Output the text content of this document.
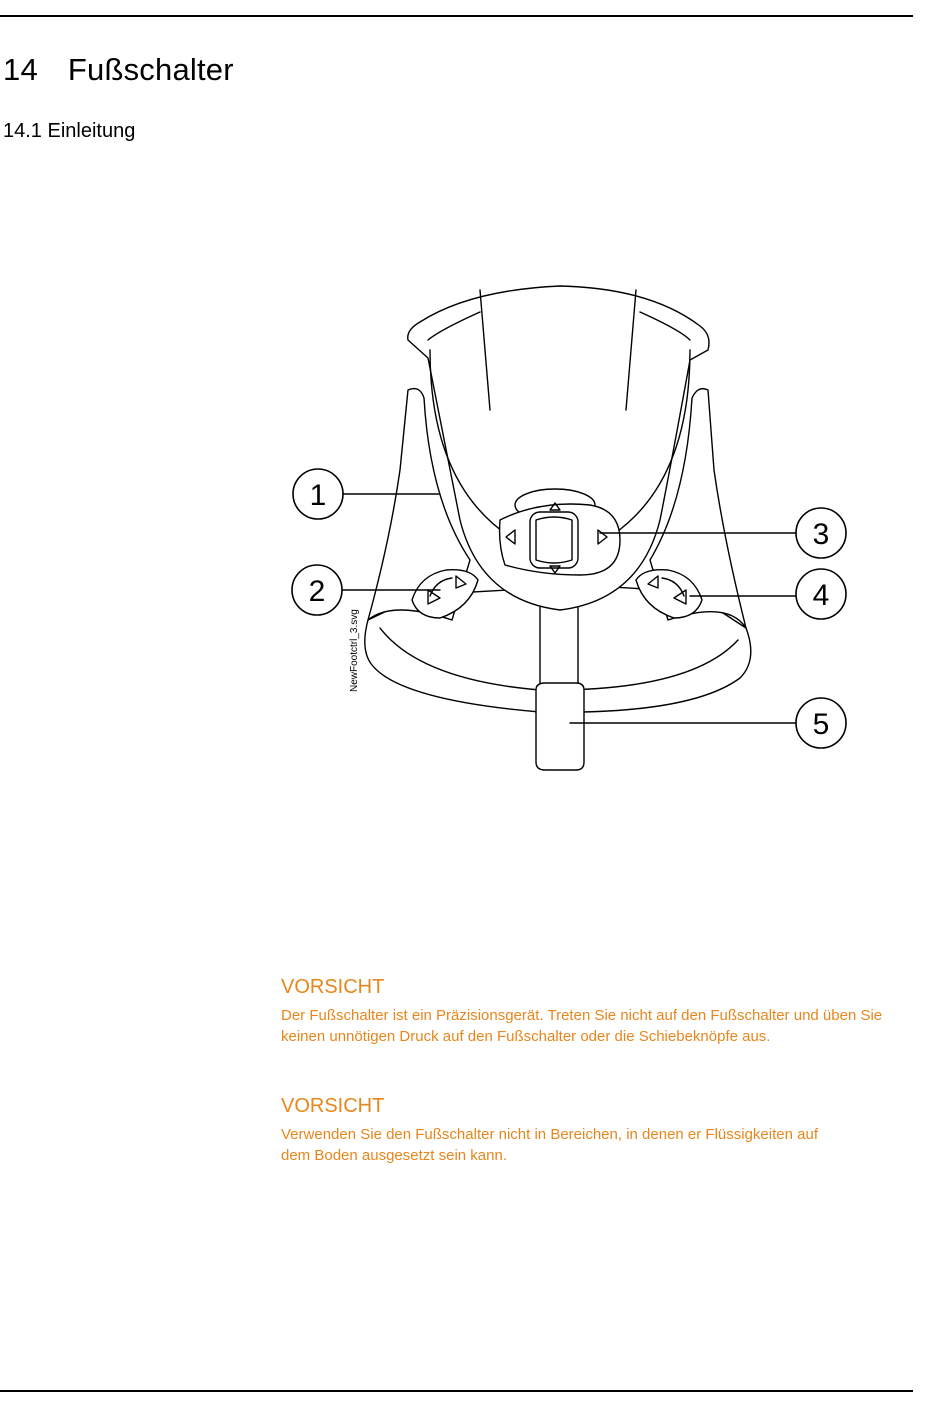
14 Fußschalter
14.1 Einleitung
1
2
3
4
5
NewFootctrl_3.svg

VORSICHT

Der Fußschalter ist ein Präzisionsgerät. Treten Sie nicht auf den Fußschalter und üben Sie keinen unnötigen Druck auf den Fußschalter oder die Schiebeknöpfe aus.

VORSICHT

Verwenden Sie den Fußschalter nicht in Bereichen, in denen er Flüssigkeiten auf dem Boden ausgesetzt sein kann.
